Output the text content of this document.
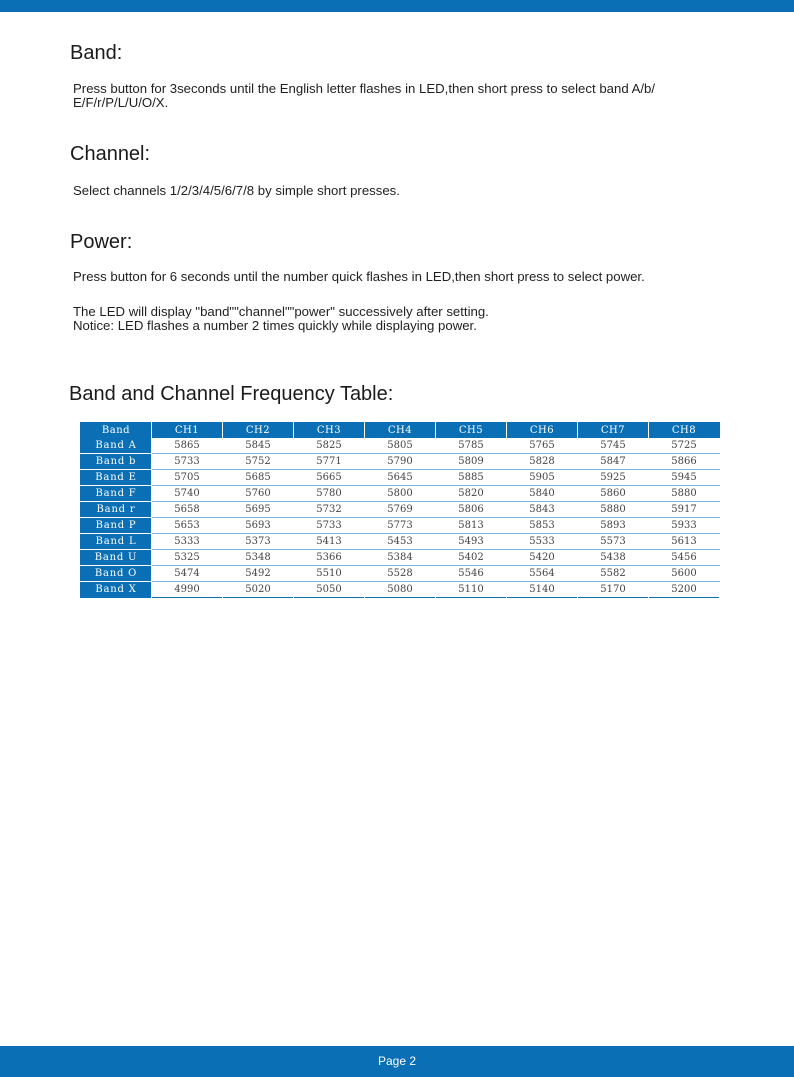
Band:
Press button for 3seconds until the English letter flashes in LED,then short press to select band A/b/
E/F/r/P/L/U/O/X.
Channel:
Select channels 1/2/3/4/5/6/7/8 by simple short presses.
Power:
Press button for 6 seconds until the number quick flashes in LED,then short press to select power.
The LED will display "band""channel""power" successively after setting.
Notice: LED flashes a number 2 times quickly while displaying power.
Band and Channel Frequency Table:
Band	CH1	CH2	CH3	CH4	CH5	CH6	CH7	CH8
Band A	5865	5845	5825	5805	5785	5765	5745	5725
Band b	5733	5752	5771	5790	5809	5828	5847	5866
Band E	5705	5685	5665	5645	5885	5905	5925	5945
Band F	5740	5760	5780	5800	5820	5840	5860	5880
Band r	5658	5695	5732	5769	5806	5843	5880	5917
Band P	5653	5693	5733	5773	5813	5853	5893	5933
Band L	5333	5373	5413	5453	5493	5533	5573	5613
Band U	5325	5348	5366	5384	5402	5420	5438	5456
Band O	5474	5492	5510	5528	5546	5564	5582	5600
Band X	4990	5020	5050	5080	5110	5140	5170	5200
Page 2
